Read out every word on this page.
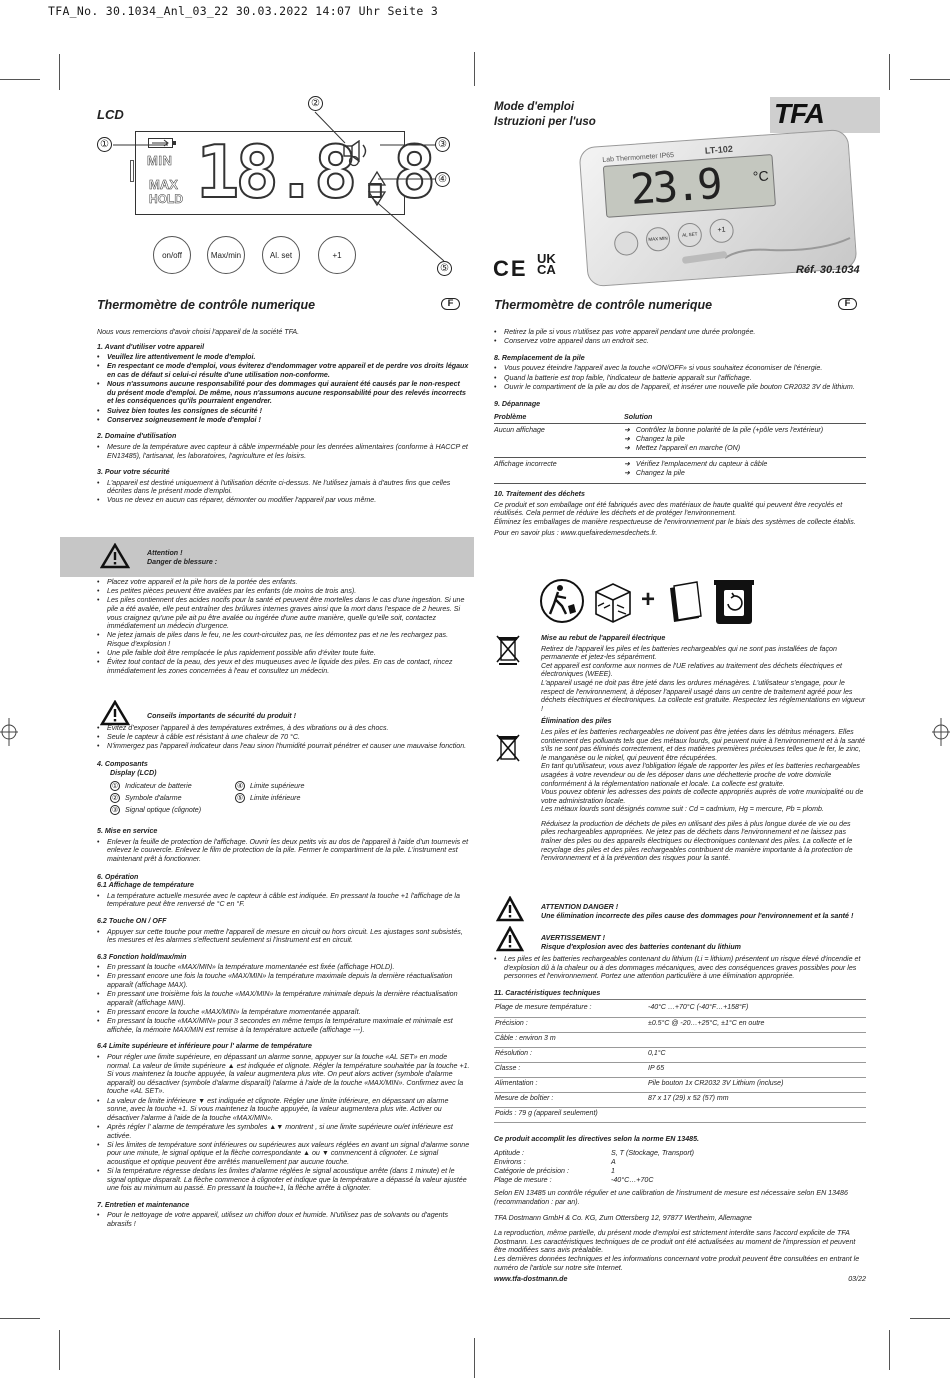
TFA_No. 30.1034_Anl_03_22 30.03.2022 14:07 Uhr Seite 3
LCD
MIN
MAX
HOLD 18.8.8
①
②
③
④
⑤
on/off	Max/min	Al. set	+1
Mode d'emploi
Istruzioni per l'uso	TFA
Lab Thermometer IP65
LT-102
23.9 °C
MAX MIN
AL SET
+1
CE UK CA	Réf. 30.1034
Thermomètre de contrôle numerique	F	Thermomètre de contrôle numerique	F

Nous vous remercions d'avoir choisi l'appareil de la société TFA.

1. Avant d'utiliser votre appareil
• Veuillez lire attentivement le mode d'emploi.
• En respectant ce mode d'emploi, vous éviterez d'endommager votre appareil et de perdre vos droits légaux en cas de défaut si celui-ci résulte d'une utilisation non-conforme.
• Nous n'assumons aucune responsabilité pour des dommages qui auraient été causés par le non-respect du présent mode d'emploi. De même, nous n'assumons aucune responsabilité pour des relevés incorrects et les conséquences qu'ils pourraient engendrer.
• Suivez bien toutes les consignes de sécurité !
• Conservez soigneusement le mode d'emploi !
2. Domaine d'utilisation
• Mesure de la température avec capteur à câble imperméable pour les denrées alimentaires (conforme à HACCP et EN13485), l'artisanat, les laboratoires, l'agriculture et les loisirs.
3. Pour votre sécurité
• L'appareil est destiné uniquement à l'utilisation décrite ci-dessus. Ne l'utilisez jamais à d'autres fins que celles décrites dans le présent mode d'emploi.
• Vous ne devez en aucun cas réparer, démonter ou modifier l'appareil par vous même.
Attention !
Danger de blessure :
• Placez votre appareil et la pile hors de la portée des enfants.
• Les petites pièces peuvent être avalées par les enfants (de moins de trois ans).
• Les piles contiennent des acides nocifs pour la santé et peuvent être mortelles dans le cas d'une ingestion. Si une pile a été avalée, elle peut entraîner des brûlures internes graves ainsi que la mort dans l'espace de 2 heures. Si vous craignez qu'une pile ait pu être avalée ou ingérée d'une autre manière, quelle qu'elle soit, contactez immédiatement un médecin d'urgence.
• Ne jetez jamais de piles dans le feu, ne les court-circuitez pas, ne les démontez pas et ne les rechargez pas. Risque d'explosion !
• Une pile faible doit être remplacée le plus rapidement possible afin d'éviter toute fuite.
• Évitez tout contact de la peau, des yeux et des muqueuses avec le liquide des piles. En cas de contact, rincez immédiatement les zones concernées à l'eau et consultez un médecin.
Conseils importants de sécurité du produit !
• Évitez d'exposer l'appareil à des températures extrêmes, à des vibrations ou à des chocs.
• Seule le capteur à câble est résistant à une chaleur de 70 °C.
• N'immergez pas l'appareil indicateur dans l'eau sinon l'humidité pourrait pénétrer et causer une mauvaise fonction.
4. Composants
Display (LCD)
① Indicateur de batterie
② Symbole d'alarme
③ Signal optique (clignote)
④ Limite supérieure
⑤ Limite inférieure
5. Mise en service
• Enlever la feuille de protection de l'affichage. Ouvrir les deux petits vis au dos de l'appareil à l'aide d'un tournevis et enlevez le couvercle. Enlevez le film de protection de la pile. Fermer le compartiment de la pile. L'instrument est maintenant prêt à fonctionner.
6. Opération
6.1 Affichage de température
• La température actuelle mesurée avec le capteur à câble est indiquée. En pressant la touche +1 l'affichage de la température peut être renversé de °C en °F.
6.2 Touche ON / OFF
• Appuyer sur cette touche pour mettre l'appareil de mesure en circuit ou hors circuit. Les ajustages sont subsistés, les mesures et les alarmes s'effectuent seulement si l'instrument est en circuit.
6.3 Fonction hold/max/min
• En pressant la touche «MAX/MIN» la température momentanée est fixée (affichage HOLD).
• En pressant encore une fois la touche «MAX/MIN» la température maximale depuis la dernière réactualisation apparaît (affichage MAX).
• En pressant une troisième fois la touche «MAX/MIN» la température minimale depuis la dernière réactualisation apparaît (affichage MIN).
• En pressant encore la touche «MAX/MIN» la température momentanée apparaît.
• En pressant la touche «MAX/MIN» pour 3 secondes en même temps la température maximale et minimale est affichée, la mémoire MAX/MIN est remise à la température actuelle (affichage ---).
6.4 Limite supérieure et inférieure pour l' alarme de température
• Pour régler une limite supérieure, en dépassant un alarme sonne, appuyer sur la touche «AL SET» en mode normal. La valeur de limite supérieure ▲ est indiquée et clignote. Régler la température souhaitée par la touche +1. Si vous maintenez la touche appuyée, la valeur augmentera plus vite. On peut alors activer (symbole d'alarme apparaît) ou désactiver (symbole d'alarme disparaît) l'alarme à l'aide de la touche «MAX/MIN». Confirmez avec la touche «AL SET».
• La valeur de limite inférieure ▼ est indiquée et clignote. Régler une limite inférieure, en dépassant un alarme sonne, avec la touche +1. Si vous maintenez la touche appuyée, la valeur augmentera plus vite. Activer ou désactiver l'alarme à l'aide de la touche «MAX/MIN».
• Après régler l' alarme de température les symboles ▲▼ montrent , si une limite supérieure ou/et inférieure est activée.
• Si les limites de température sont inférieures ou supérieures aux valeurs réglées en avant un signal d'alarme sonne pour une minute, le signal optique et la flèche correspondante ▲ ou ▼ commencent à clignoter. Le signal acoustique et optique peuvent être arrêtés manuellement par aucune touche.
• Si la température régresse dedans les limites d'alarme réglées le signal acoustique arrête (dans 1 minute) et le signal optique disparaît. La flèche commence à clignoter et indique que la température a dépassé la valeur ajustée une fois au minimum au passé. En pressant la touche+1, la flèche arrête à clignoter.
7. Entretien et maintenance
• Pour le nettoyage de votre appareil, utilisez un chiffon doux et humide. N'utilisez pas de solvants ou d'agents abrasifs !
• Retirez la pile si vous n'utilisez pas votre appareil pendant une durée prolongée.
• Conservez votre appareil dans un endroit sec.
8. Remplacement de la pile
• Vous pouvez éteindre l'appareil avec la touche «ON/OFF» si vous souhaitez économiser de l'énergie.
• Quand la batterie est trop faible, l'indicateur de batterie apparaît sur l'affichage.
• Ouvrir le compartiment de la pile au dos de l'appareil, et insérer une nouvelle pile bouton CR2032 3V de lithium.
9. Dépannage
Problème	Solution
Aucun affichage	➜   Contrôlez la bonne polarité de la pile (+pôle vers l'extérieur)
➜   Changez la pile
➜   Mettez l'appareil en marche (ON)
Affichage incorrecte	➜   Vérifiez l'emplacement du capteur à câble
➜   Changez la pile
10. Traitement des déchets

Ce produit et son emballage ont été fabriqués avec des matériaux de haute qualité qui peuvent être recyclés et réutilisés. Cela permet de réduire les déchets et de protéger l'environnement.

Éliminez les emballages de manière respectueuse de l'environnement par le biais des systèmes de collecte établis.

Pour en savoir plus : www.quefairedemesdechets.fr.

+
Mise au rebut de l'appareil électrique

Retirez de l'appareil les piles et les batteries rechargeables qui ne sont pas installées de façon permanente et jetez-les séparément.

Cet appareil est conforme aux normes de l'UE relatives au traitement des déchets électriques et électroniques (WEEE).

L'appareil usagé ne doit pas être jeté dans les ordures ménagères. L'utilisateur s'engage, pour le respect de l'environnement, à déposer l'appareil usagé dans un centre de traitement agréé pour les déchets électriques et électroniques. La collecte est gratuite. Respectez les réglementations en vigueur !

Élimination des piles

Les piles et les batteries rechargeables ne doivent pas être jetées dans les détritus ménagers. Elles contiennent des polluants tels que des métaux lourds, qui peuvent nuire à l'environnement et à la santé s'ils ne sont pas éliminés correctement, et des matières premières précieuses telles que le fer, le zinc, le manganèse ou le nickel, qui peuvent être récupérées.

En tant qu'utilisateur, vous avez l'obligation légale de rapporter les piles et les batteries rechargeables usagées à votre revendeur ou de les déposer dans une déchetterie proche de votre domicile conformément à la réglementation nationale et locale. La collecte est gratuite.

Vous pouvez obtenir les adresses des points de collecte appropriés auprès de votre municipalité ou de votre administration locale.

Les métaux lourds sont désignés comme suit : Cd = cadmium, Hg = mercure, Pb = plomb.

Réduisez la production de déchets de piles en utilisant des piles à plus longue durée de vie ou des piles rechargeables appropriées. Ne jetez pas de déchets dans l'environnement et ne laissez pas traîner des piles ou des appareils électriques ou électroniques contenant des piles. La collecte et le recyclage des piles et des piles rechargeables contribuent de manière importante à la protection de l'environnement et à la prévention des risques pour la santé.

ATTENTION DANGER !
Une élimination incorrecte des piles cause des dommages pour l'environnement et la santé !
AVERTISSEMENT !
Risque d'explosion avec des batteries contenant du lithium
• Les piles et les batteries rechargeables contenant du lithium (Li = lithium) présentent un risque élevé d'incendie et d'explosion dû à la chaleur ou à des dommages mécaniques, avec des conséquences graves possibles pour les personnes et l'environnement. Portez une attention particulière à une élimination appropriée.
11. Caractéristiques techniques
Plage de mesure température :	-40°C …+70°C (-40°F…+158°F)
Précision :	±0.5°C @ -20…+25°C, ±1°C en outre
Câble : environ 3 m	
Résolution :	0,1°C
Classe :	IP 65
Alimentation :	Pile bouton 1x CR2032 3V Lithium (incluse)
Mesure de boîtier :	87 x 17 (29) x 52 (57) mm
Poids : 79 g (appareil seulement)	
Ce produit accomplit les directives selon la norme EN 13485.
Aptitude :	S, T (Stockage, Transport)
Environs :	A
Catégorie de précision :	1
Plage de mesure :	-40°C…+70C

Selon EN 13485 un contrôle régulier et une calibration de l'instrument de mesure est nécessaire selon EN 13486 (recommandation : par an).

TFA Dostmann GmbH & Co. KG, Zum Ottersberg 12, 97877 Wertheim, Allemagne

La reproduction, même partielle, du présent mode d'emploi est strictement interdite sans l'accord explicite de TFA Dostmann. Les caractéristiques techniques de ce produit ont été actualisées au moment de l'impression et peuvent être modifiées sans avis préalable.

Les dernières données techniques et les informations concernant votre produit peuvent être consultées en entrant le numéro de l'article sur notre site Internet.

www.tfa-dostmann.de	03/22
